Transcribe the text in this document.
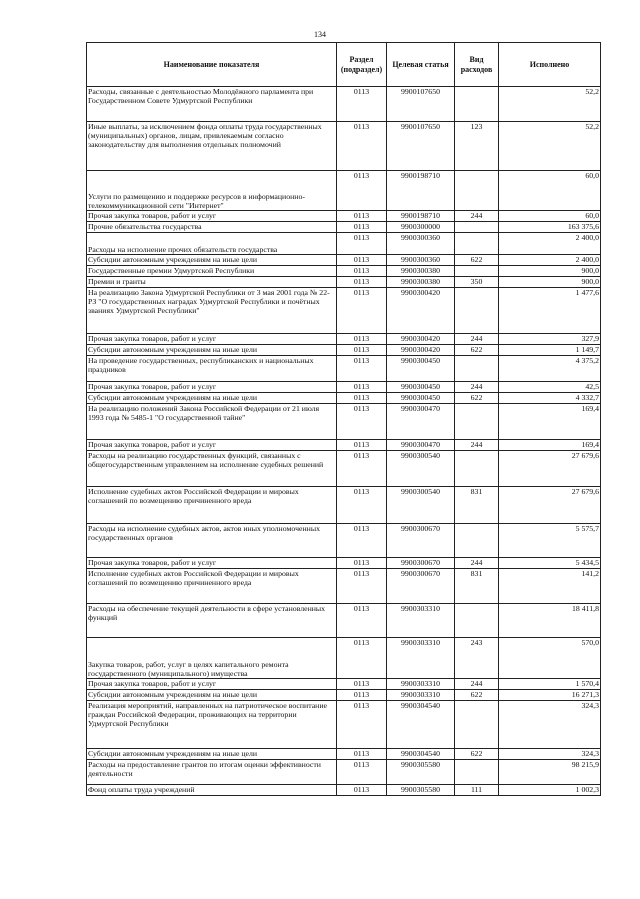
134
Наименование показателя	Раздел (подраздел)	Целевая статья	Вид расходов	Исполнено
Расходы, связанные с деятельностью Молодёжного парламента при Государственном Совете Удмуртской Республики	0113	9900107650		52,2
Иные выплаты, за исключением фонда оплаты труда государственных (муниципальных) органов, лицам, привлекаемым согласно законодательству для выполнения отдельных полномочий	0113	9900107650	123	52,2
Услуги по размещению и поддержке ресурсов в информационно-телекоммуникационной сети "Интернет"	0113	9900198710		60,0
Прочая закупка товаров, работ и услуг	0113	9900198710	244	60,0
Прочие обязательства государства	0113	9900300000		163 375,6
Расходы на исполнение прочих обязательств государства	0113	9900300360		2 400,0
Субсидии автономным учреждениям на иные цели	0113	9900300360	622	2 400,0
Государственные премии Удмуртской Республики	0113	9900300380		900,0
Премии и гранты	0113	9900300380	350	900,0
На реализацию Закона Удмуртской Республики от 3 мая 2001 года № 22-РЗ "О государственных наградах Удмуртской Республики и почётных званиях Удмуртской Республики"	0113	9900300420		1 477,6
Прочая закупка товаров, работ и услуг	0113	9900300420	244	327,9
Субсидии автономным учреждениям на иные цели	0113	9900300420	622	1 149,7
На проведение государственных, республиканских и национальных праздников	0113	9900300450		4 375,2
Прочая закупка товаров, работ и услуг	0113	9900300450	244	42,5
Субсидии автономным учреждениям на иные цели	0113	9900300450	622	4 332,7
На реализацию положений Закона Российской Федерации от 21 июля 1993 года № 5485-1 "О государственной тайне"	0113	9900300470		169,4
Прочая закупка товаров, работ и услуг	0113	9900300470	244	169,4
Расходы на реализацию государственных функций, связанных с общегосударственным управлением на исполнение судебных решений	0113	9900300540		27 679,6
Исполнение судебных актов Российской Федерации и мировых соглашений по возмещению причиненного вреда	0113	9900300540	831	27 679,6
Расходы на исполнение судебных актов, актов иных уполномоченных государственных органов	0113	9900300670		5 575,7
Прочая закупка товаров, работ и услуг	0113	9900300670	244	5 434,5
Исполнение судебных актов Российской Федерации и мировых соглашений по возмещению причиненного вреда	0113	9900300670	831	141,2
Расходы на обеспечение текущей деятельности в сфере установленных функций	0113	9900303310		18 411,8
Закупка товаров, работ, услуг в целях капитального ремонта государственного (муниципального) имущества	0113	9900303310	243	570,0
Прочая закупка товаров, работ и услуг	0113	9900303310	244	1 570,4
Субсидии автономным учреждениям на иные цели	0113	9900303310	622	16 271,3
Реализация мероприятий, направленных на патриотическое воспитание граждан Российской Федерации, проживающих на территории Удмуртской Республики	0113	9900304540		324,3
Субсидии автономным учреждениям на иные цели	0113	9900304540	622	324,3
Расходы на предоставление грантов по итогам оценки эффективности деятельности	0113	9900305580		98 215,9
Фонд оплаты труда учреждений	0113	9900305580	111	1 002,3
